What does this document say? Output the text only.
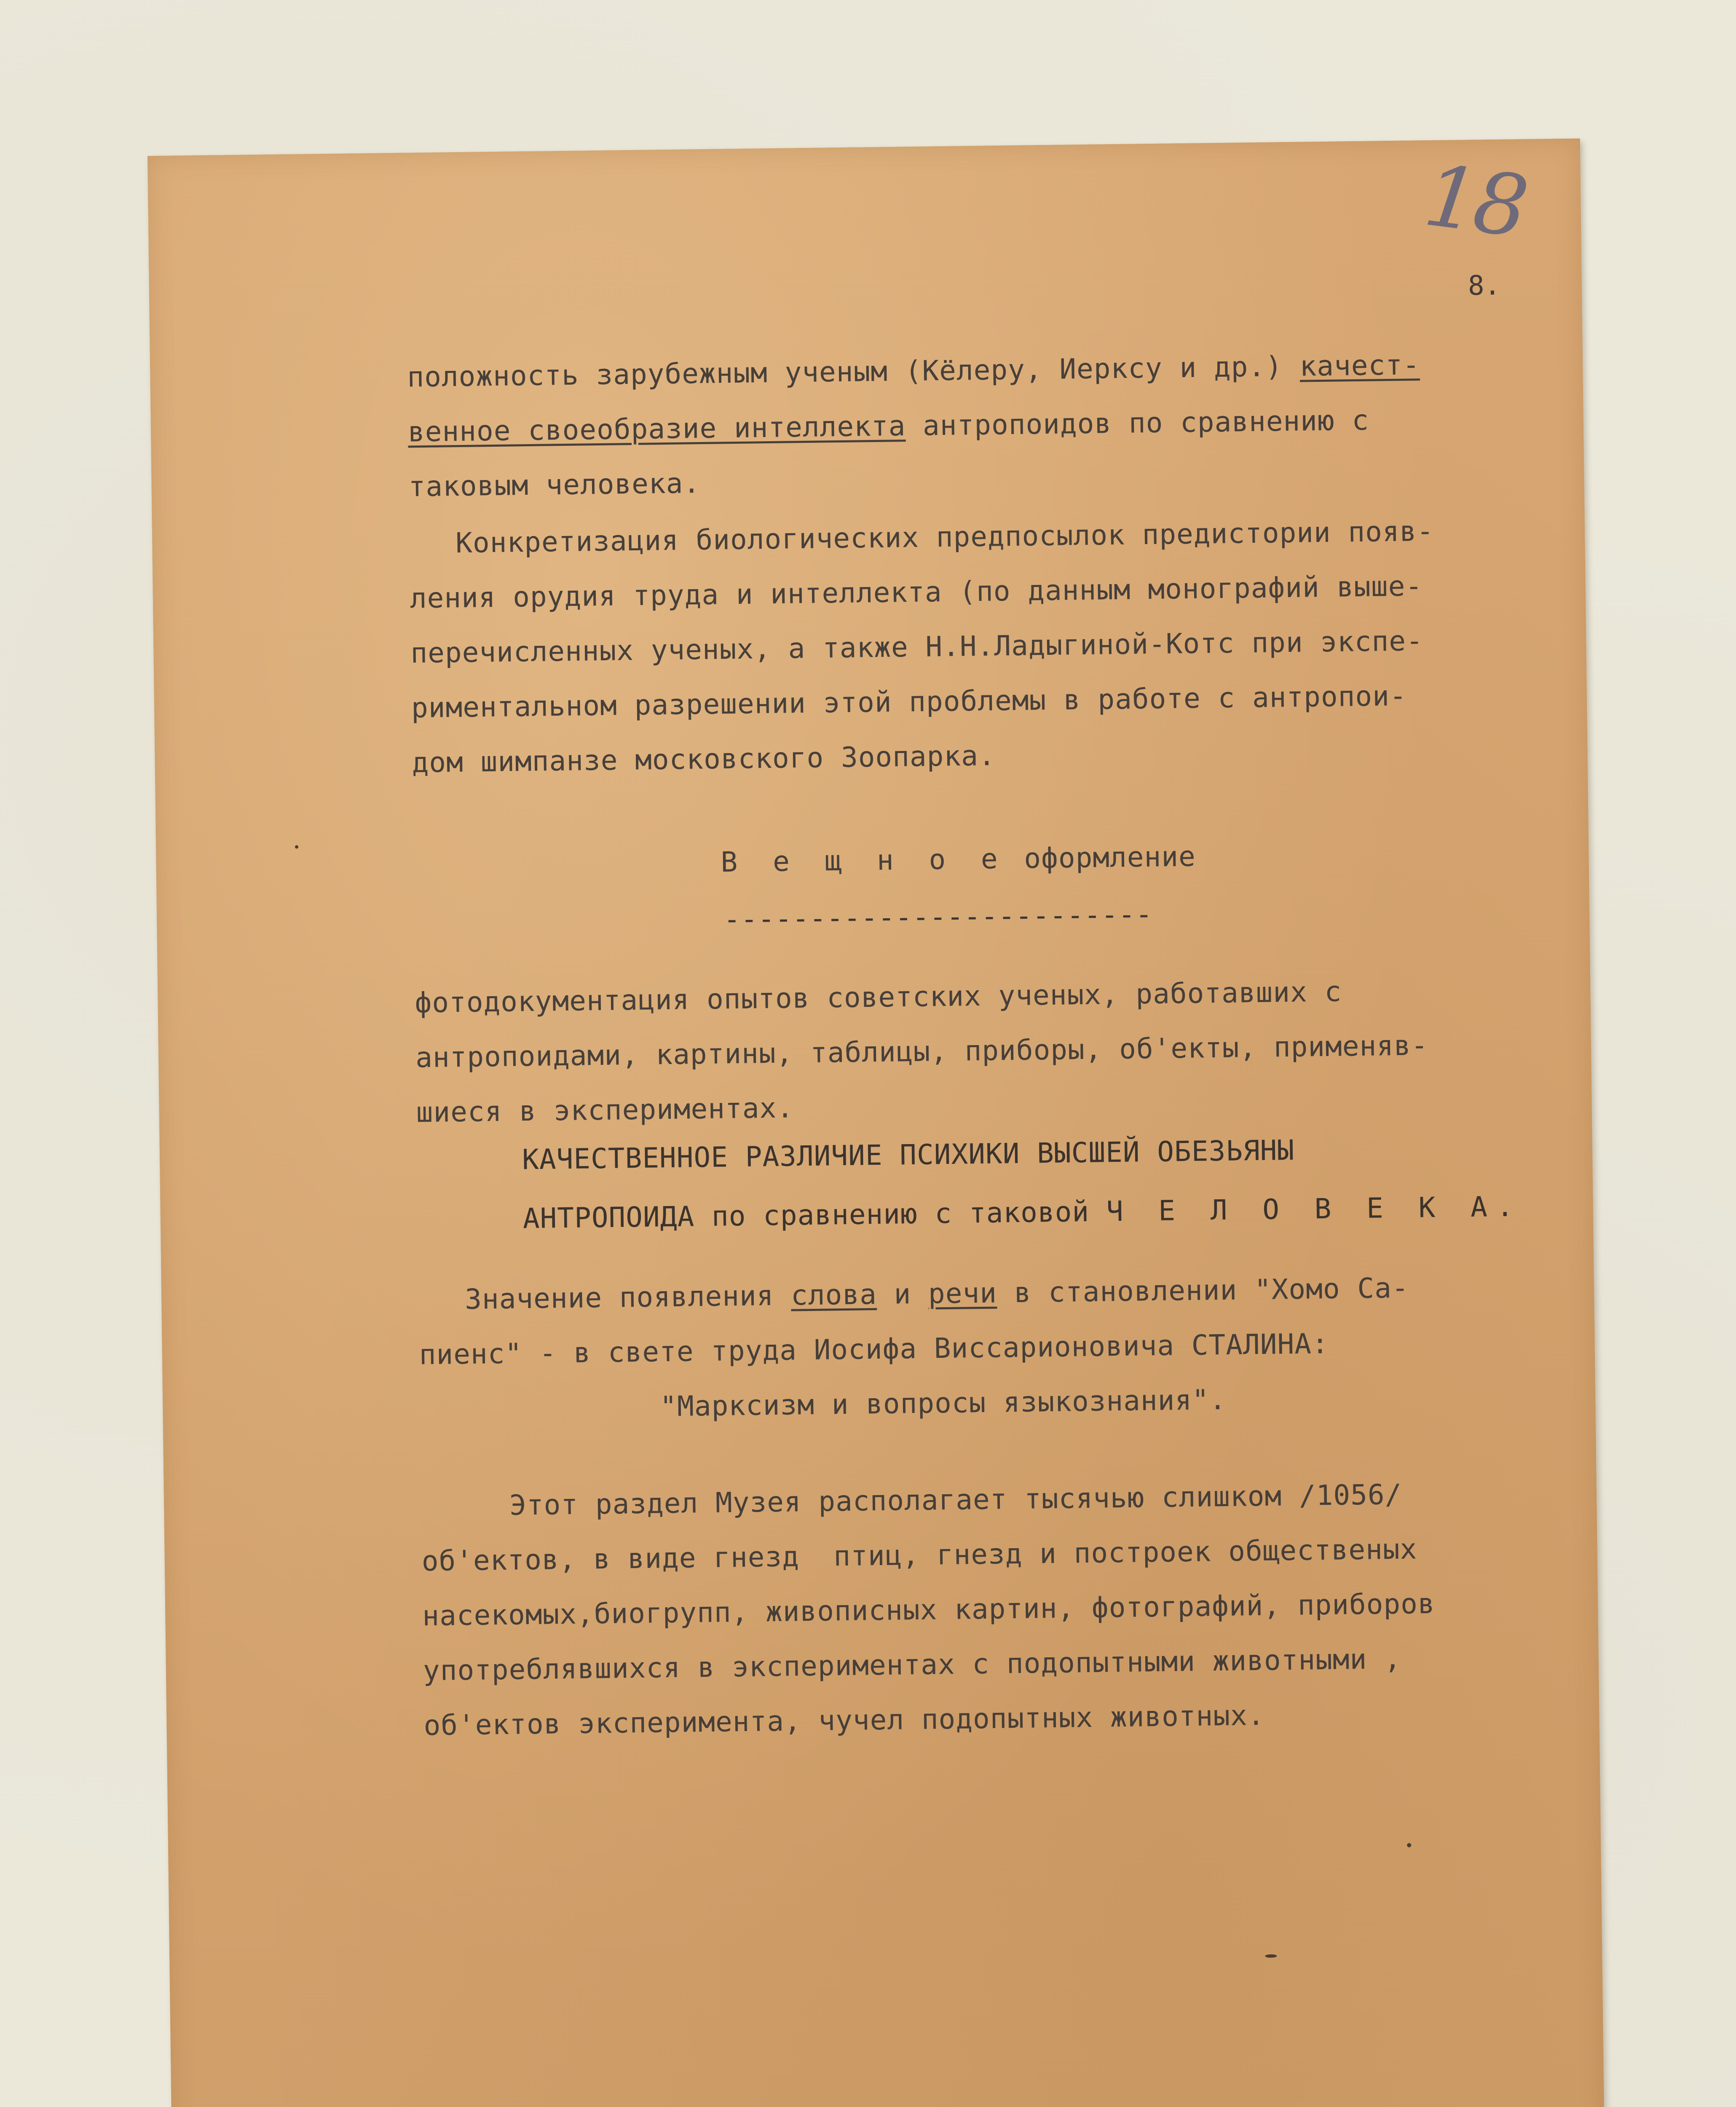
18
8.
положность зарубежным ученым (Кёлеру, Иерксу и др.) качест-
венное своеобразие интеллекта антропоидов по сравнению с
таковым человека.
Конкретизация биологических предпосылок предистории появ-
ления орудия труда и интеллекта (по данным монографий выше-
перечисленных ученых, а также Н.Н.Ладыгиной-Котс при экспе-
риментальном разрешении этой проблемы в работе с антропои-
дом шимпанзе московского Зоопарка.
В е щ н о е оформление
-------------------------
фотодокументация опытов советских ученых, работавших с
антропоидами, картины, таблицы, приборы, об'екты, применяв-
шиеся в экспериментах.
КАЧЕСТВЕННОЕ РАЗЛИЧИЕ ПСИХИКИ ВЫСШЕЙ ОБЕЗЬЯНЫ
АНТРОПОИДА по сравнению с таковой Ч Е Л О В Е К А.
Значение появления слова и речи в становлении "Хомо Са-
пиенс" - в свете труда Иосифа Виссарионовича СТАЛИНА:
"Марксизм и вопросы языкознания".
Этот раздел Музея располагает тысячью слишком /1056/
об'ектов, в виде гнезд  птиц, гнезд и построек общественых
насекомых,биогрупп, живописных картин, фотографий, приборов
употреблявшихся в экспериментах с подопытными животными ,
об'ектов эксперимента, чучел подопытных животных.
